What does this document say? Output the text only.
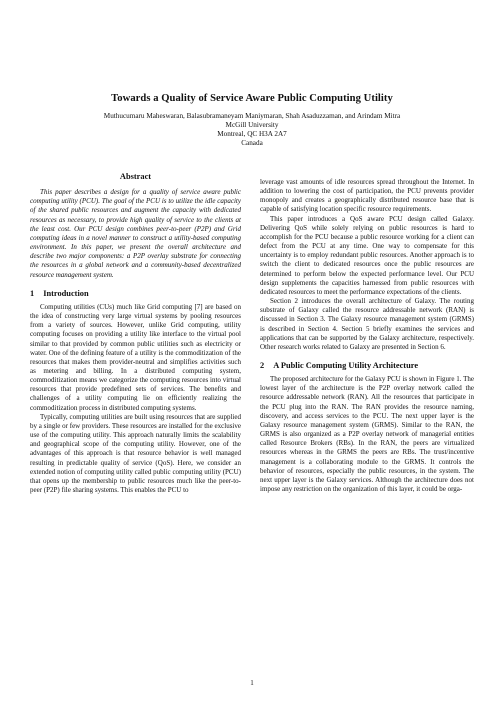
Towards a Quality of Service Aware Public Computing Utility
Muthucumaru Maheswaran, Balasubramaneyam Maniymaran, Shah Asaduzzaman, and Arindam Mitra
McGill University
Montreal, QC H3A 2A7
Canada
Abstract

This paper describes a design for a quality of service aware public computing utility (PCU). The goal of the PCU is to utilize the idle capacity of the shared public resources and augment the capacity with dedicated resources as necessary, to provide high quality of service to the clients at the least cost. Our PCU design combines peer-to-peer (P2P) and Grid computing ideas in a novel manner to construct a utility-based computing environment. In this paper, we present the overall architecture and describe two major components: a P2P overlay substrate for connecting the resources in a global network and a community-based decentralized resource management system.

1 Introduction

Computing utilities (CUs) much like Grid computing [7] are based on the idea of constructing very large virtual systems by pooling resources from a variety of sources. However, unlike Grid computing, utility computing focuses on providing a utility like interface to the virtual pool similar to that provided by common public utilities such as electricity or water. One of the defining feature of a utility is the commoditization of the resources that makes them provider-neutral and simplifies activities such as metering and billing. In a distributed computing system, commoditization means we categorize the computing resources into virtual resources that provide predefined sets of services. The benefits and challenges of a utility computing lie on efficiently realizing the commoditization process in distributed computing systems.

Typically, computing utilities are built using resources that are supplied by a single or few providers. These resources are installed for the exclusive use of the computing utility. This approach naturally limits the scalability and geographical scope of the computing utility. However, one of the advantages of this approach is that resource behavior is well managed resulting in predictable quality of service (QoS). Here, we consider an extended notion of computing utility called public computing utility (PCU) that opens up the membership to public resources much like the peer-to-peer (P2P) file sharing systems. This enables the PCU to

leverage vast amounts of idle resources spread throughout the Internet. In addition to lowering the cost of participation, the PCU prevents provider monopoly and creates a geographically distributed resource base that is capable of satisfying location specific resource requirements.

This paper introduces a QoS aware PCU design called Galaxy. Delivering QoS while solely relying on public resources is hard to accomplish for the PCU because a public resource working for a client can defect from the PCU at any time. One way to compensate for this uncertainty is to employ redundant public resources. Another approach is to switch the client to dedicated resources once the public resources are determined to perform below the expected performance level. Our PCU design supplements the capacities harnessed from public resources with dedicated resources to meet the performance expectations of the clients.

Section 2 introduces the overall architecture of Galaxy. The routing substrate of Galaxy called the resource addressable network (RAN) is discussed in Section 3. The Galaxy resource management system (GRMS) is described in Section 4. Section 5 briefly examines the services and applications that can be supported by the Galaxy architecture, respectively. Other research works related to Galaxy are presented in Section 6.

2 A Public Computing Utility Architecture

The proposed architecture for the Galaxy PCU is shown in Figure 1. The lowest layer of the architecture is the P2P overlay network called the resource addressable network (RAN). All the resources that participate in the PCU plug into the RAN. The RAN provides the resource naming, discovery, and access services to the PCU. The next upper layer is the Galaxy resource management system (GRMS). Similar to the RAN, the GRMS is also organized as a P2P overlay network of managerial entities called Resource Brokers (RBs). In the RAN, the peers are virtualized resources whereas in the GRMS the peers are RBs. The trust/incentive management is a collaborating module to the GRMS. It controls the behavior of resources, especially the public resources, in the system. The next upper layer is the Galaxy services. Although the architecture does not impose any restriction on the organization of this layer, it could be orga-

1
